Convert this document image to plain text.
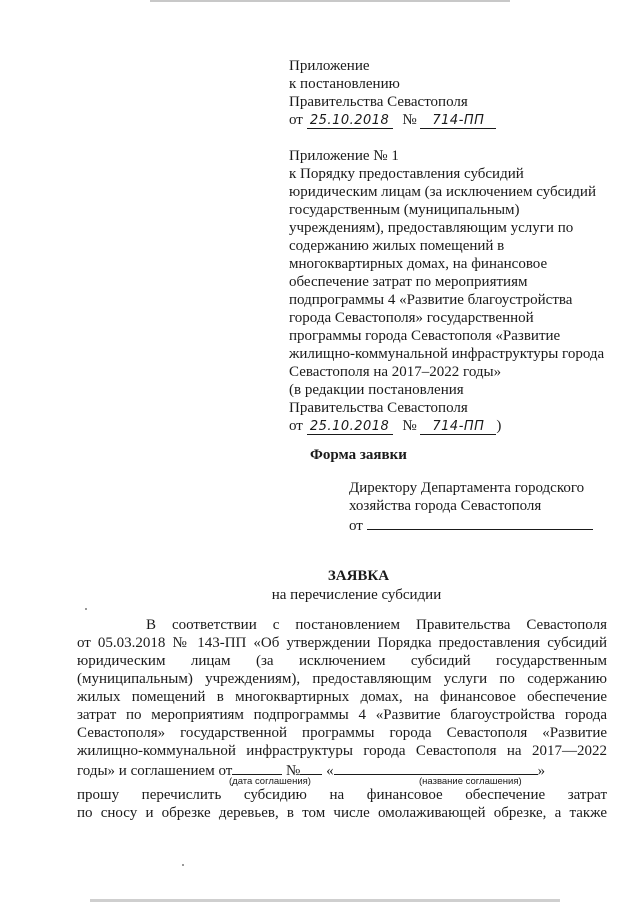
Приложение
к постановлению
Правительства Севастополя
от 25.10.2018 № 714-ПП
Приложение № 1
к Порядку предоставления субсидий
юридическим лицам (за исключением субсидий
государственным (муниципальным)
учреждениям), предоставляющим услуги по
содержанию жилых помещений в
многоквартирных домах, на финансовое
обеспечение затрат по мероприятиям
подпрограммы 4 «Развитие благоустройства
города Севастополя» государственной
программы города Севастополя «Развитие
жилищно-коммунальной инфраструктуры города
Севастополя на 2017–2022 годы»
(в редакции постановления
Правительства Севастополя
от 25.10.2018 № 714-ПП )
Форма заявки
Директору Департамента городского
хозяйства города Севастополя
от
ЗАЯВКА
на перечисление субсидии
В соответствии с постановлением Правительства Севастополя
от 05.03.2018 № 143-ПП «Об утверждении Порядка предоставления субсидий
юридическим лицам (за исключением субсидий государственным
(муниципальным) учреждениям), предоставляющим услуги по содержанию
жилых помещений в многоквартирных домах, на финансовое обеспечение
затрат по мероприятиям подпрограммы 4 «Развитие благоустройства города
Севастополя» государственной программы города Севастополя «Развитие
жилищно-коммунальной инфраструктуры города Севастополя на 2017—2022
годы» и соглашением от	№ «	»
(дата соглашения)	(название соглашения)
прошу перечислить субсидию на финансовое обеспечение затрат
по сносу и обрезке деревьев, в том числе омолаживающей обрезке, а также
